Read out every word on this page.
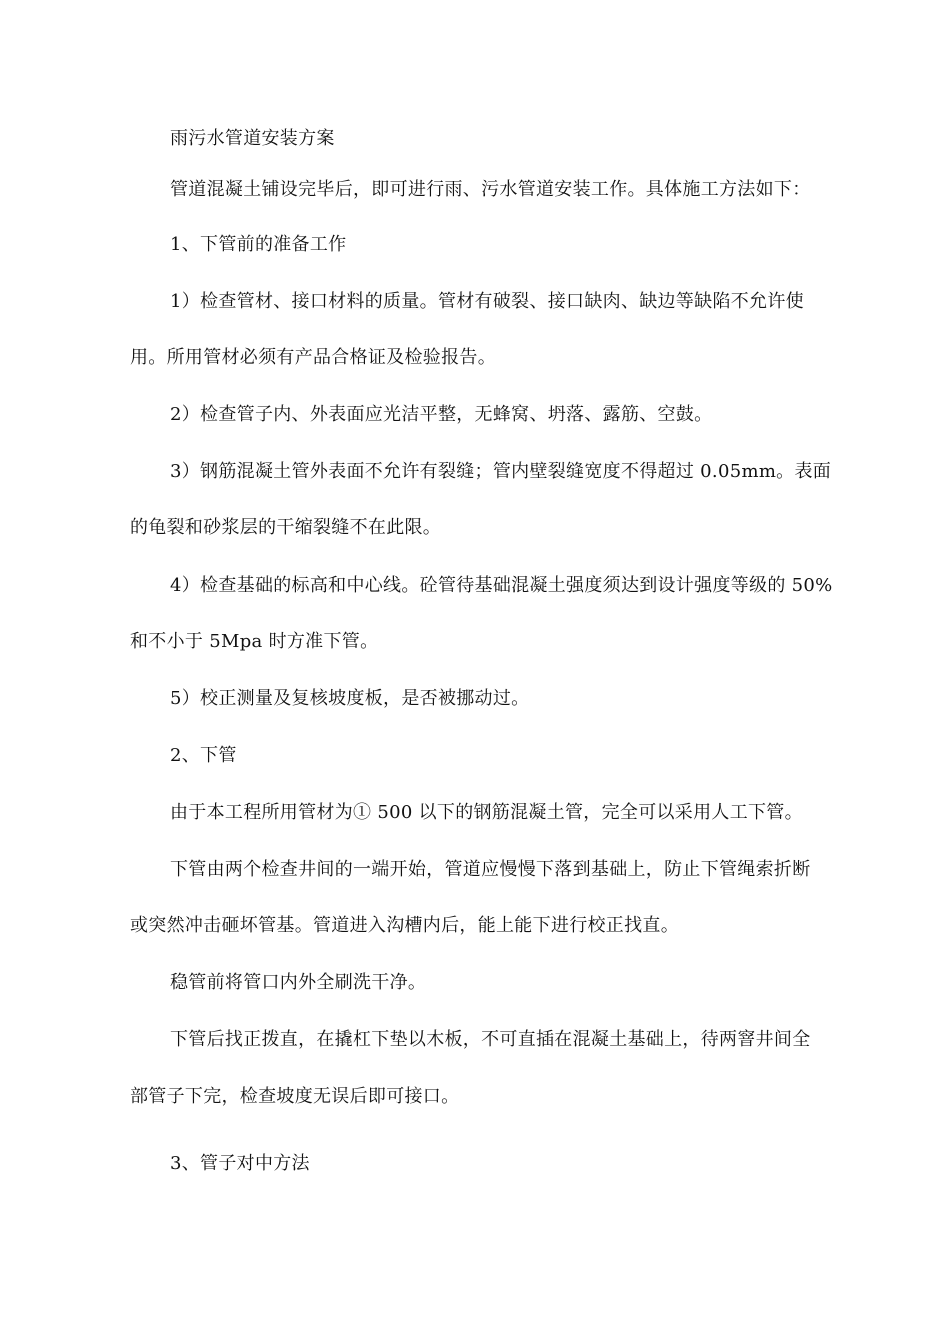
雨污水管道安装方案
管道混凝土铺设完毕后，即可进行雨、污水管道安装工作。具体施工方法如下：
1、下管前的准备工作
1）检查管材、接口材料的质量。管材有破裂、接口缺肉、缺边等缺陷不允许使
用。所用管材必须有产品合格证及检验报告。
2）检查管子内、外表面应光洁平整，无蜂窝、坍落、露筋、空鼓。
3）钢筋混凝土管外表面不允许有裂缝；管内壁裂缝宽度不得超过 0.05mm。表面
的龟裂和砂浆层的干缩裂缝不在此限。
4）检查基础的标高和中心线。砼管待基础混凝土强度须达到设计强度等级的 50%
和不小于 5Mpa 时方准下管。
5）校正测量及复核坡度板，是否被挪动过。
2、下管
由于本工程所用管材为① 500 以下的钢筋混凝土管，完全可以采用人工下管。
下管由两个检查井间的一端开始，管道应慢慢下落到基础上，防止下管绳索折断
或突然冲击砸坏管基。管道进入沟槽内后，能上能下进行校正找直。
稳管前将管口内外全刷洗干净。
下管后找正拨直，在撬杠下垫以木板，不可直插在混凝土基础上，待两窨井间全
部管子下完，检查坡度无误后即可接口。
3、管子对中方法
